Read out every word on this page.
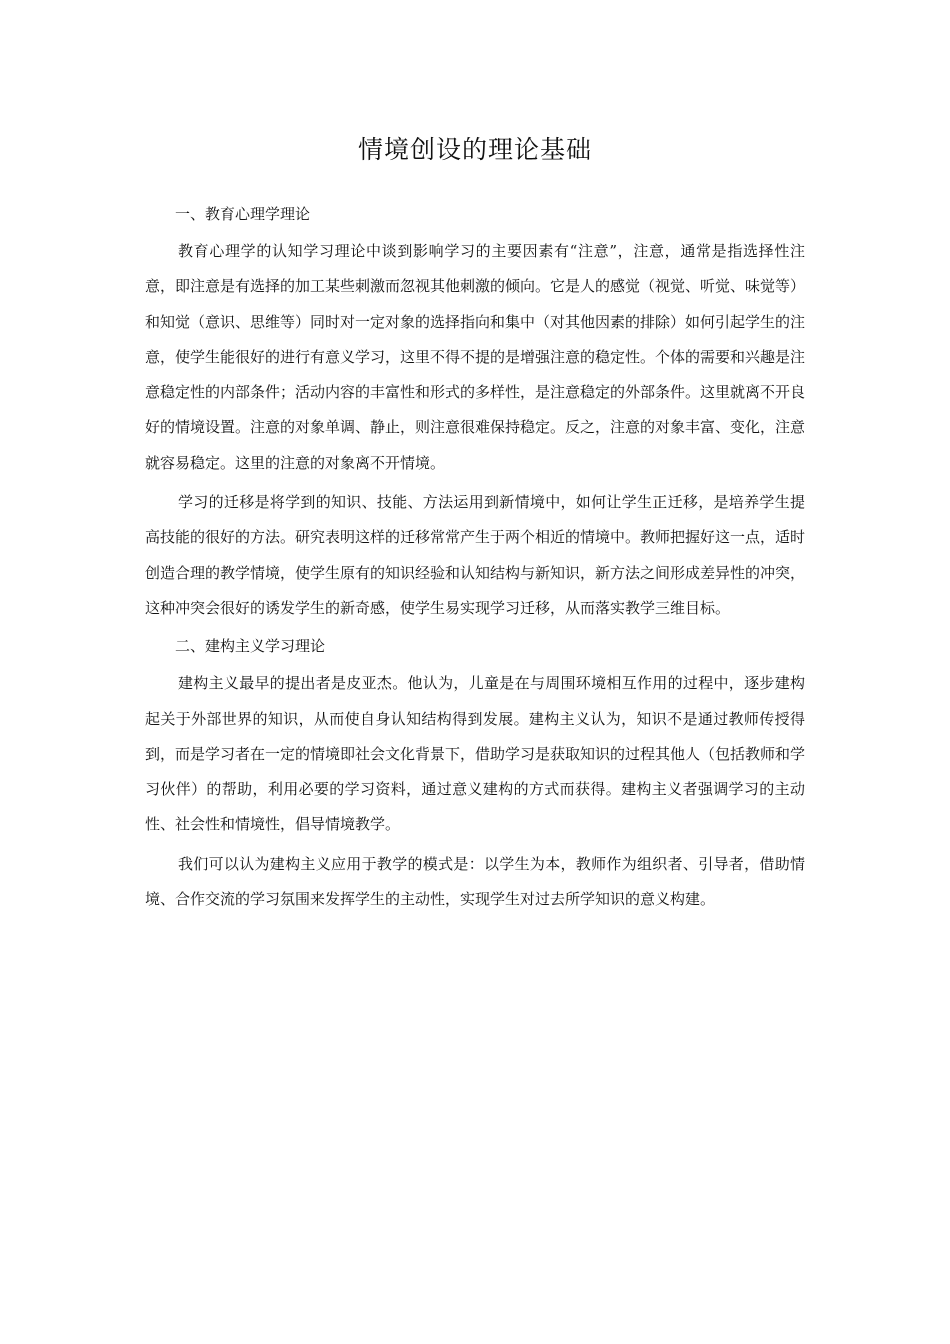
情境创设的理论基础

一、教育心理学理论

教育心理学的认知学习理论中谈到影响学习的主要因素有“注意”，注意，通常是指选择性注意，即注意是有选择的加工某些刺激而忽视其他刺激的倾向。它是人的感觉（视觉、听觉、味觉等）和知觉（意识、思维等）同时对一定对象的选择指向和集中（对其他因素的排除）如何引起学生的注意，使学生能很好的进行有意义学习，这里不得不提的是增强注意的稳定性。个体的需要和兴趣是注意稳定性的内部条件；活动内容的丰富性和形式的多样性，是注意稳定的外部条件。这里就离不开良好的情境设置。注意的对象单调、静止，则注意很难保持稳定。反之，注意的对象丰富、变化，注意就容易稳定。这里的注意的对象离不开情境。

学习的迁移是将学到的知识、技能、方法运用到新情境中，如何让学生正迁移，是培养学生提高技能的很好的方法。研究表明这样的迁移常常产生于两个相近的情境中。教师把握好这一点，适时创造合理的教学情境，使学生原有的知识经验和认知结构与新知识，新方法之间形成差异性的冲突，这种冲突会很好的诱发学生的新奇感，使学生易实现学习迁移，从而落实教学三维目标。

二、建构主义学习理论

建构主义最早的提出者是皮亚杰。他认为，儿童是在与周围环境相互作用的过程中，逐步建构起关于外部世界的知识，从而使自身认知结构得到发展。建构主义认为，知识不是通过教师传授得到，而是学习者在一定的情境即社会文化背景下，借助学习是获取知识的过程其他人（包括教师和学习伙伴）的帮助，利用必要的学习资料，通过意义建构的方式而获得。建构主义者强调学习的主动性、社会性和情境性，倡导情境教学。

我们可以认为建构主义应用于教学的模式是：以学生为本，教师作为组织者、引导者，借助情境、合作交流的学习氛围来发挥学生的主动性，实现学生对过去所学知识的意义构建。
